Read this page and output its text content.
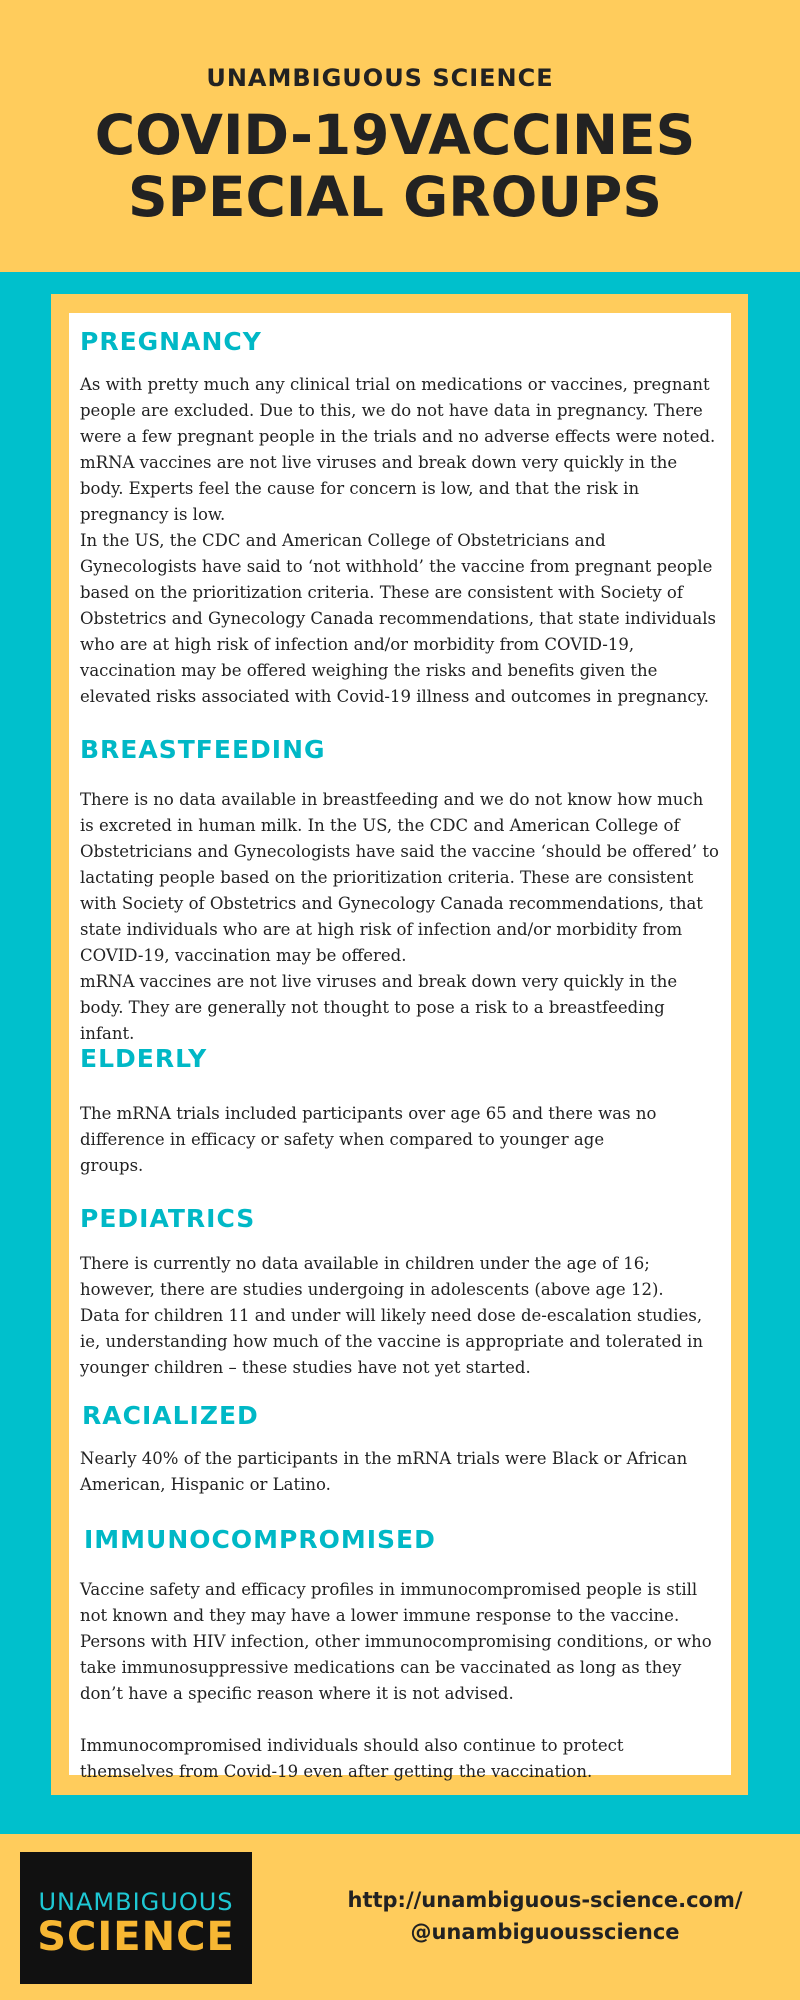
UNAMBIGUOUS SCIENCE
COVID-19VACCINES
SPECIAL GROUPS
PREGNANCY
As with pretty much any clinical trial on medications or vaccines, pregnant people are excluded. Due to this, we do not have data in pregnancy. There were a few pregnant people in the trials and no adverse effects were noted. mRNA vaccines are not live viruses and break down very quickly in the body. Experts feel the cause for concern is low, and that the risk in pregnancy is low.
In the US, the CDC and American College of Obstetricians and Gynecologists have said to ‘not withhold’ the vaccine from pregnant people based on the prioritization criteria. These are consistent with Society of Obstetrics and Gynecology Canada recommendations, that state individuals who are at high risk of infection and/or morbidity from COVID-19, vaccination may be offered weighing the risks and benefits given the elevated risks associated with Covid-19 illness and outcomes in pregnancy.
BREASTFEEDING
There is no data available in breastfeeding and we do not know how much is excreted in human milk. In the US, the CDC and American College of Obstetricians and Gynecologists have said the vaccine ‘should be offered’ to lactating people based on the prioritization criteria. These are consistent with Society of Obstetrics and Gynecology Canada recommendations, that state individuals who are at high risk of infection and/or morbidity from COVID-19, vaccination may be offered.
mRNA vaccines are not live viruses and break down very quickly in the body. They are generally not thought to pose a risk to a breastfeeding infant.
ELDERLY
The mRNA trials included participants over age 65 and there was no difference in efficacy or safety when compared to younger age groups.
PEDIATRICS
There is currently no data available in children under the age of 16; however, there are studies undergoing in adolescents (above age 12).
Data for children 11 and under will likely need dose de-escalation studies, ie, understanding how much of the vaccine is appropriate and tolerated in younger children – these studies have not yet started.
RACIALIZED
Nearly 40% of the participants in the mRNA trials were Black or African American, Hispanic or Latino.
IMMUNOCOMPROMISED
Vaccine safety and efficacy profiles in immunocompromised people is still not known and they may have a lower immune response to the vaccine. Persons with HIV infection, other immunocompromising conditions, or who take immunosuppressive medications can be vaccinated as long as they don’t have a specific reason where it is not advised.
Immunocompromised individuals should also continue to protect themselves from Covid-19 even after getting the vaccination.
UNAMBIGUOUS
SCIENCE
http://unambiguous-science.com/
@unambiguousscience
